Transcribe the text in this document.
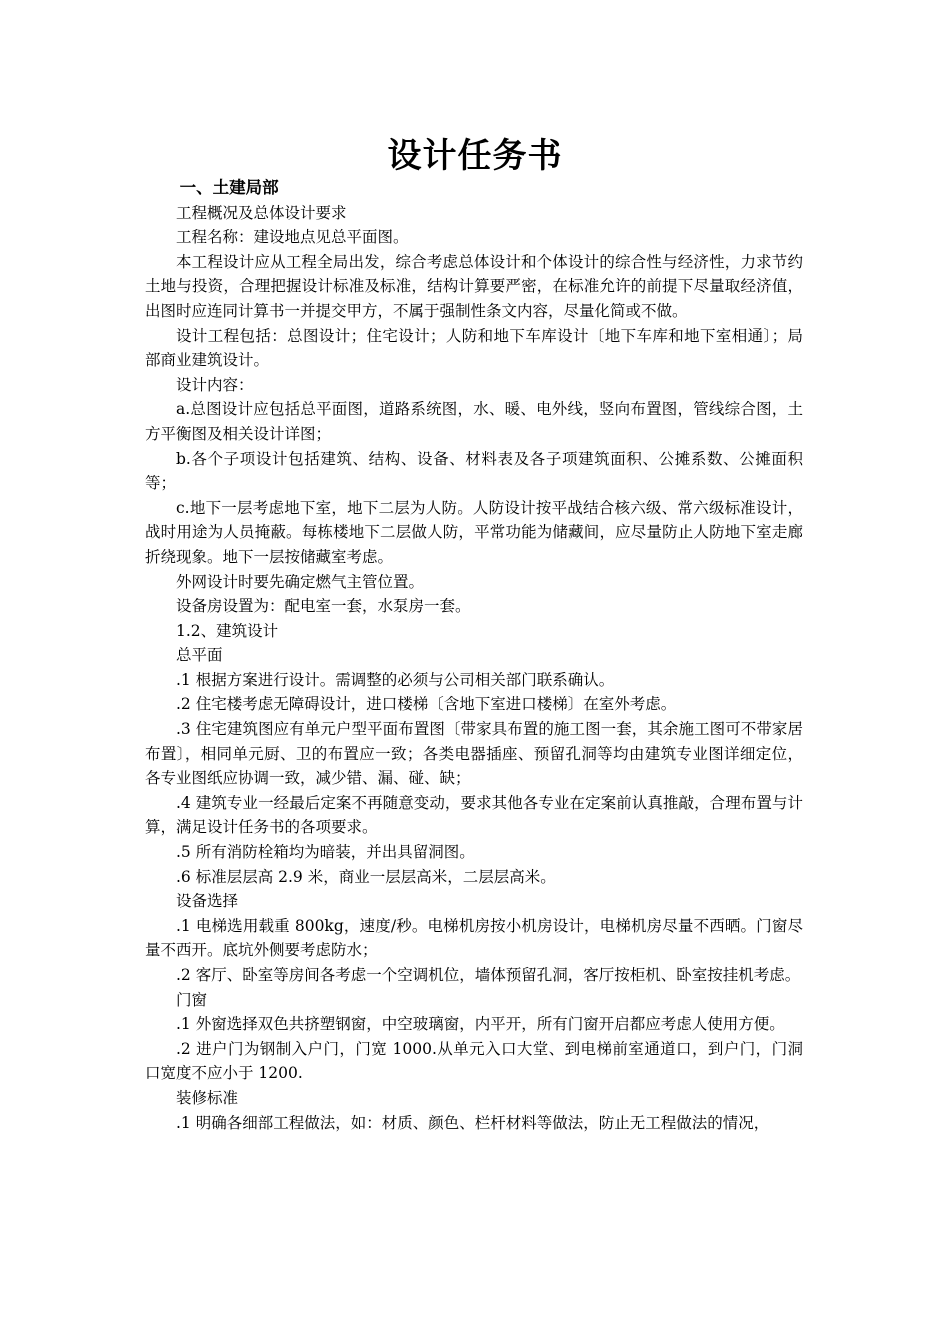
设计任务书

一、土建局部

工程概况及总体设计要求

工程名称：建设地点见总平面图。

本工程设计应从工程全局出发，综合考虑总体设计和个体设计的综合性与经济性，力求节约土地与投资，合理把握设计标准及标准，结构计算要严密，在标准允许的前提下尽量取经济值，出图时应连同计算书一并提交甲方，不属于强制性条文内容，尽量化简或不做。

设计工程包括：总图设计；住宅设计；人防和地下车库设计〔地下车库和地下室相通〕；局部商业建筑设计。

设计内容：

a.总图设计应包括总平面图，道路系统图，水、暖、电外线，竖向布置图，管线综合图，土方平衡图及相关设计详图；

b.各个子项设计包括建筑、结构、设备、材料表及各子项建筑面积、公摊系数、公摊面积等；

c.地下一层考虑地下室，地下二层为人防。人防设计按平战结合核六级、常六级标准设计，战时用途为人员掩蔽。每栋楼地下二层做人防，平常功能为储藏间，应尽量防止人防地下室走廊折绕现象。地下一层按储藏室考虑。

外网设计时要先确定燃气主管位置。

设备房设置为：配电室一套，水泵房一套。

1.2、建筑设计

总平面

.1 根据方案进行设计。需调整的必须与公司相关部门联系确认。

.2 住宅楼考虑无障碍设计，进口楼梯〔含地下室进口楼梯〕在室外考虑。

.3 住宅建筑图应有单元户型平面布置图〔带家具布置的施工图一套，其余施工图可不带家居布置〕，相同单元厨、卫的布置应一致；各类电器插座、预留孔洞等均由建筑专业图详细定位，各专业图纸应协调一致，减少错、漏、碰、缺；

.4 建筑专业一经最后定案不再随意变动，要求其他各专业在定案前认真推敲，合理布置与计算，满足设计任务书的各项要求。

.5 所有消防栓箱均为暗装，并出具留洞图。

.6 标准层层高 2.9 米，商业一层层高米，二层层高米。

设备选择

.1 电梯选用载重 800kg，速度/秒。电梯机房按小机房设计，电梯机房尽量不西晒。门窗尽量不西开。底坑外侧要考虑防水；

.2 客厅、卧室等房间各考虑一个空调机位，墙体预留孔洞，客厅按柜机、卧室按挂机考虑。

门窗

.1 外窗选择双色共挤塑钢窗，中空玻璃窗，内平开，所有门窗开启都应考虑人使用方便。

.2 进户门为钢制入户门，门宽 1000.从单元入口大堂、到电梯前室通道口，到户门，门洞口宽度不应小于 1200.

装修标准

.1 明确各细部工程做法，如：材质、颜色、栏杆材料等做法，防止无工程做法的情况，
